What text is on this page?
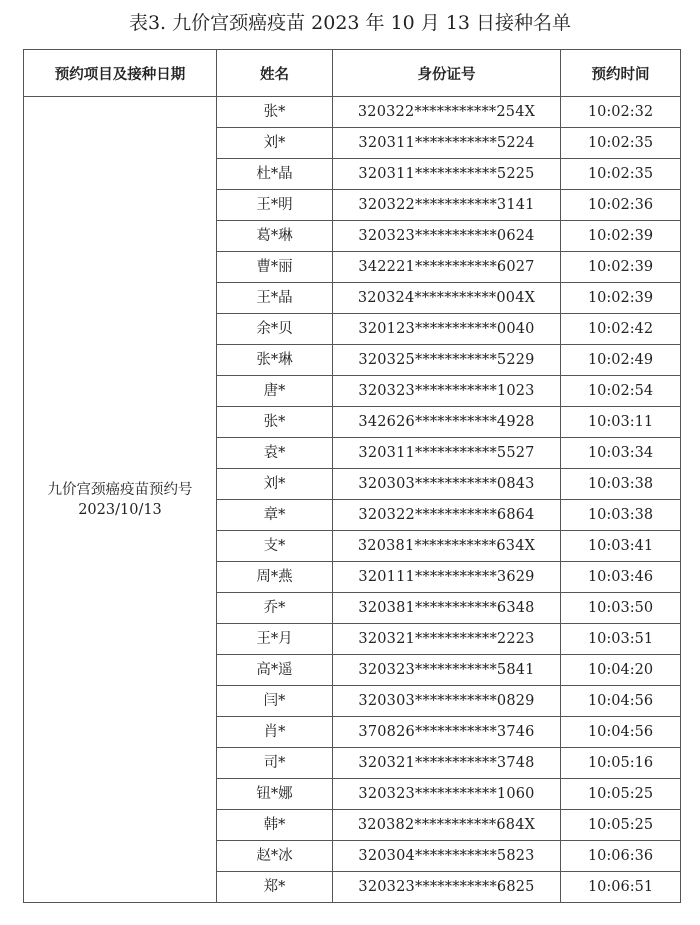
表3. 九价宫颈癌疫苗 2023 年 10 月 13 日接种名单
预约项目及接种日期	姓名	身份证号	预约时间

九价宫颈癌疫苗预约号
2023/10/13	张*	320322***********254X	10:02:32
	刘*	320311***********5224	10:02:35
	杜*晶	320311***********5225	10:02:35
	王*明	320322***********3141	10:02:36
	葛*琳	320323***********0624	10:02:39
	曹*丽	342221***********6027	10:02:39
	王*晶	320324***********004X	10:02:39
	余*贝	320123***********0040	10:02:42
	张*琳	320325***********5229	10:02:49
	唐*	320323***********1023	10:02:54
	张*	342626***********4928	10:03:11
	袁*	320311***********5527	10:03:34
	刘*	320303***********0843	10:03:38
	章*	320322***********6864	10:03:38
	支*	320381***********634X	10:03:41
	周*燕	320111***********3629	10:03:46
	乔*	320381***********6348	10:03:50
	王*月	320321***********2223	10:03:51
	高*遥	320323***********5841	10:04:20
	闫*	320303***********0829	10:04:56
	肖*	370826***********3746	10:04:56
	司*	320321***********3748	10:05:16
	钮*娜	320323***********1060	10:05:25
	韩*	320382***********684X	10:05:25
	赵*冰	320304***********5823	10:06:36
	郑*	320323***********6825	10:06:51
